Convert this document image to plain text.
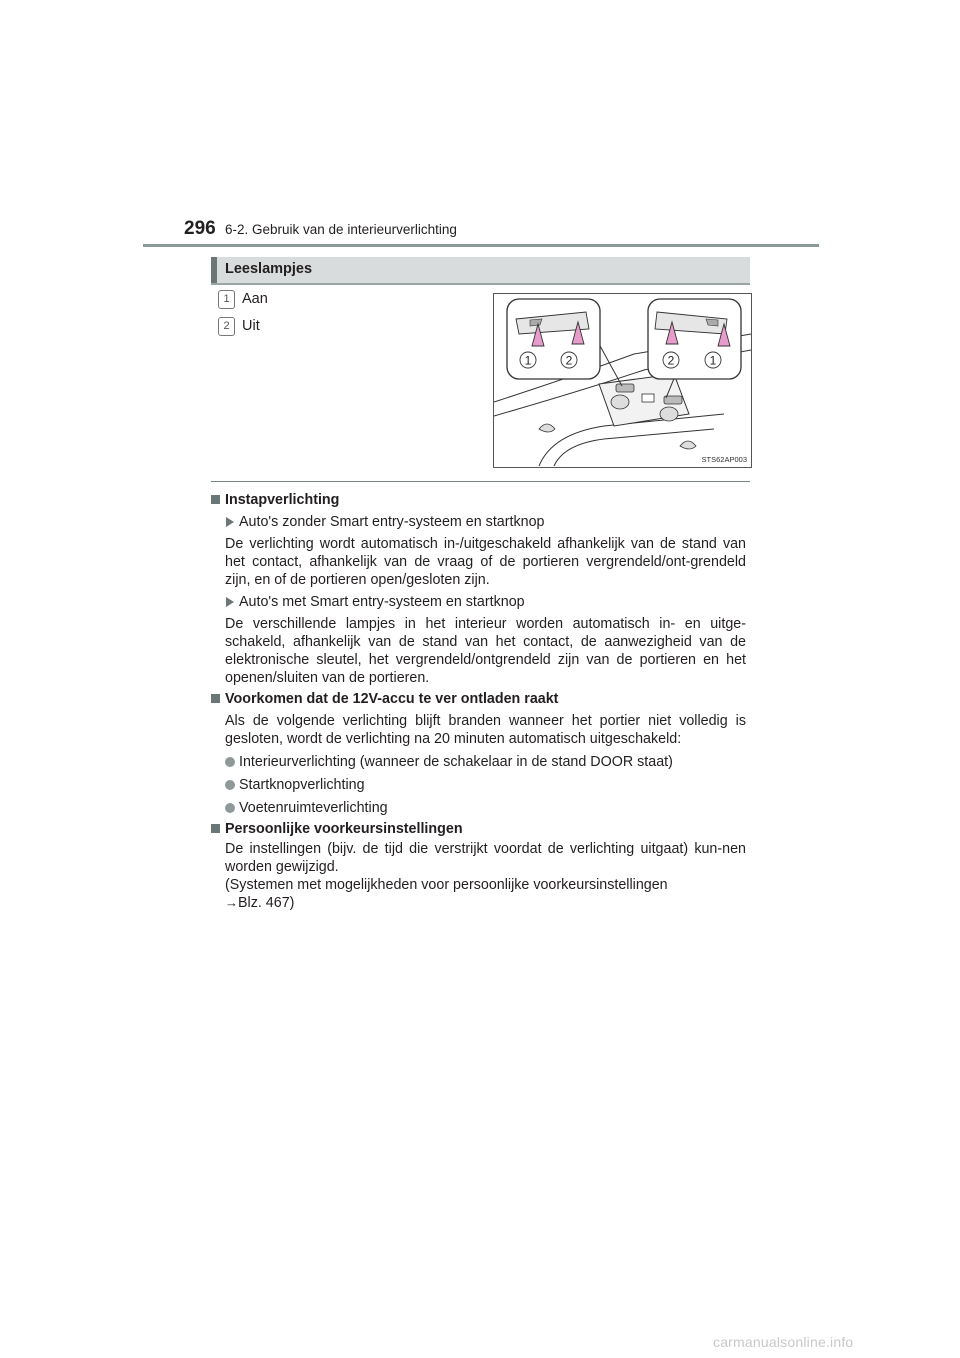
296 6-2. Gebruik van de interieurverlichting
Leeslampjes
1 Aan
2 Uit
1	2	2	1
STS62AP003
Instapverlichting
Auto's zonder Smart entry-systeem en startknop
De verlichting wordt automatisch in-/uitgeschakeld afhankelijk van de stand van het contact, afhankelijk van de vraag of de portieren vergrendeld/ont-grendeld zijn, en of de portieren open/gesloten zijn.
Auto's met Smart entry-systeem en startknop
De verschillende lampjes in het interieur worden automatisch in- en uitge-schakeld, afhankelijk van de stand van het contact, de aanwezigheid van de elektronische sleutel, het vergrendeld/ontgrendeld zijn van de portieren en het openen/sluiten van de portieren.
Voorkomen dat de 12V-accu te ver ontladen raakt
Als de volgende verlichting blijft branden wanneer het portier niet volledig is gesloten, wordt de verlichting na 20 minuten automatisch uitgeschakeld:
Interieurverlichting (wanneer de schakelaar in de stand DOOR staat)
Startknopverlichting
Voetenruimteverlichting
Persoonlijke voorkeursinstellingen
De instellingen (bijv. de tijd die verstrijkt voordat de verlichting uitgaat) kun-nen worden gewijzigd.
(Systemen met mogelijkheden voor persoonlijke voorkeursinstellingen
→Blz. 467)
carmanualsonline.info
